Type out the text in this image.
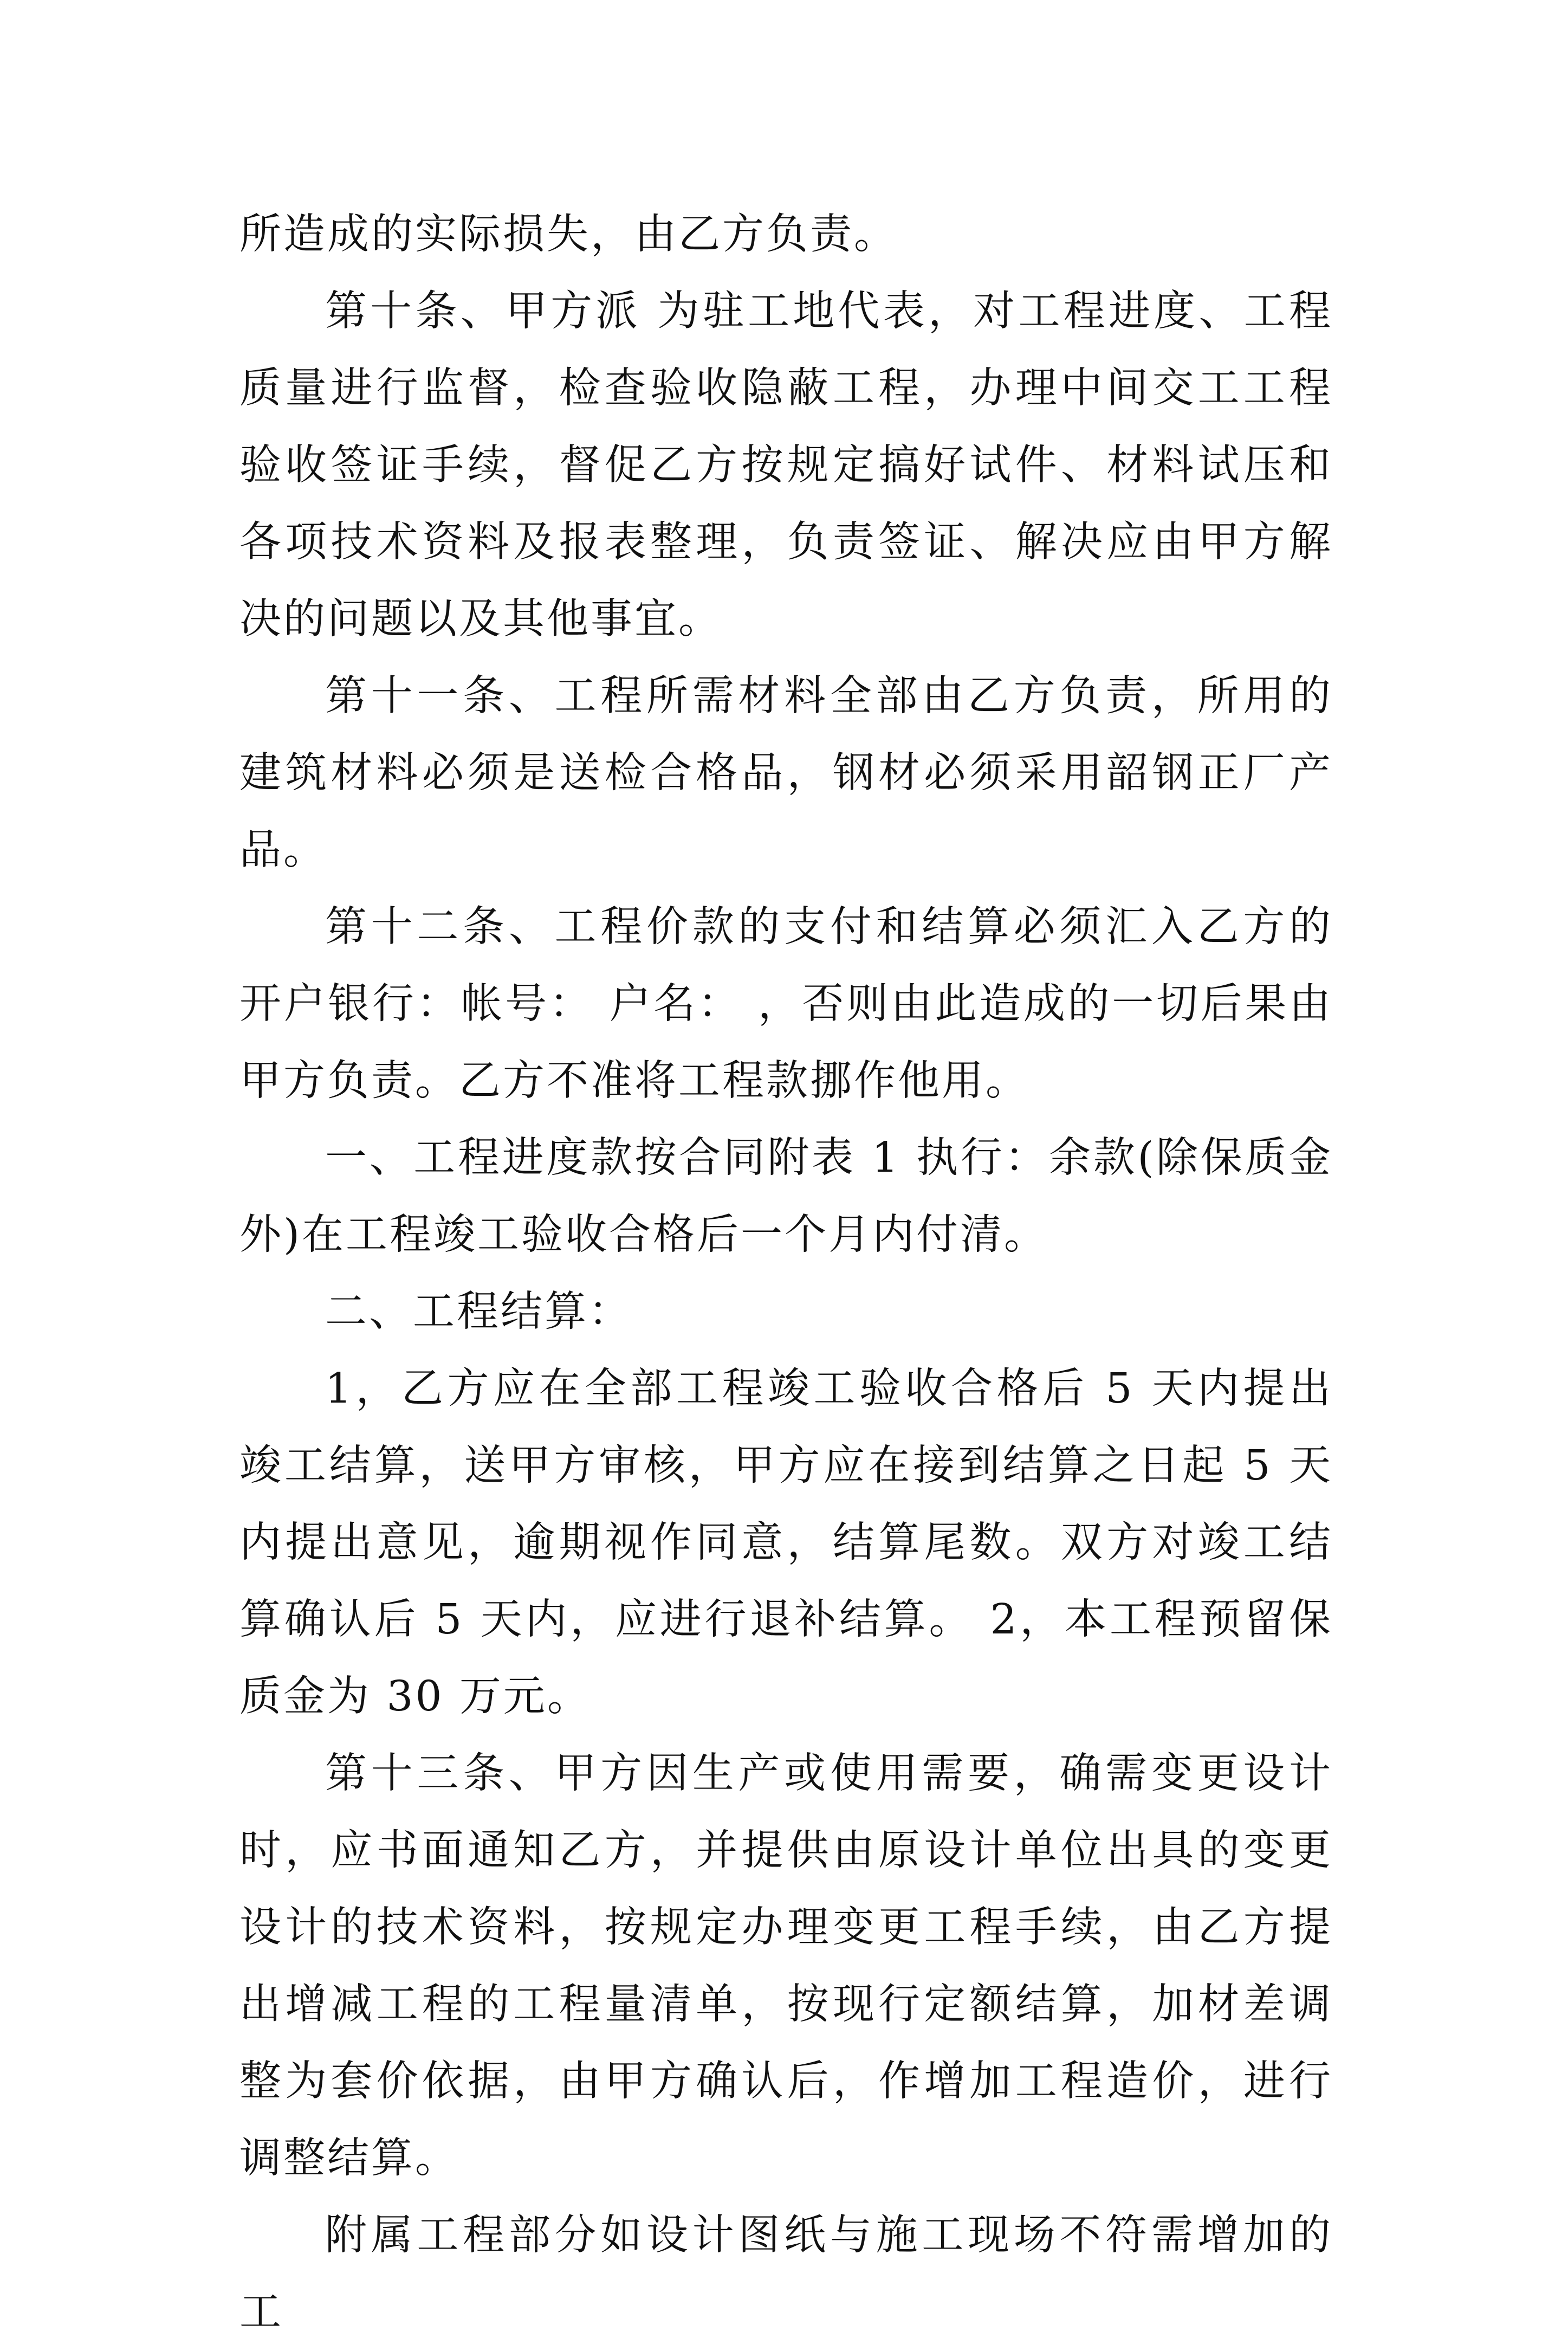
所造成的实际损失，由乙方负责。

第十条、甲方派 为驻工地代表，对工程进度、工程质量进行监督，检查验收隐蔽工程，办理中间交工工程验收签证手续，督促乙方按规定搞好试件、材料试压和各项技术资料及报表整理，负责签证、解决应由甲方解决的问题以及其他事宜。

第十一条、工程所需材料全部由乙方负责，所用的建筑材料必须是送检合格品，钢材必须采用韶钢正厂产品。

第十二条、工程价款的支付和结算必须汇入乙方的开户银行：帐号： 户名： ，否则由此造成的一切后果由甲方负责。乙方不准将工程款挪作他用。

一、工程进度款按合同附表 1 执行：余款(除保质金外)在工程竣工验收合格后一个月内付清。

二、工程结算：

1，乙方应在全部工程竣工验收合格后 5 天内提出竣工结算，送甲方审核，甲方应在接到结算之日起 5 天内提出意见，逾期视作同意，结算尾数。双方对竣工结算确认后 5 天内，应进行退补结算。 2，本工程预留保质金为 30 万元。

第十三条、甲方因生产或使用需要，确需变更设计时，应书面通知乙方，并提供由原设计单位出具的变更设计的技术资料，按规定办理变更工程手续，由乙方提出增减工程的工程量清单，按现行定额结算，加材差调整为套价依据，由甲方确认后，作增加工程造价，进行调整结算。

附属工程部分如设计图纸与施工现场不符需增加的工
